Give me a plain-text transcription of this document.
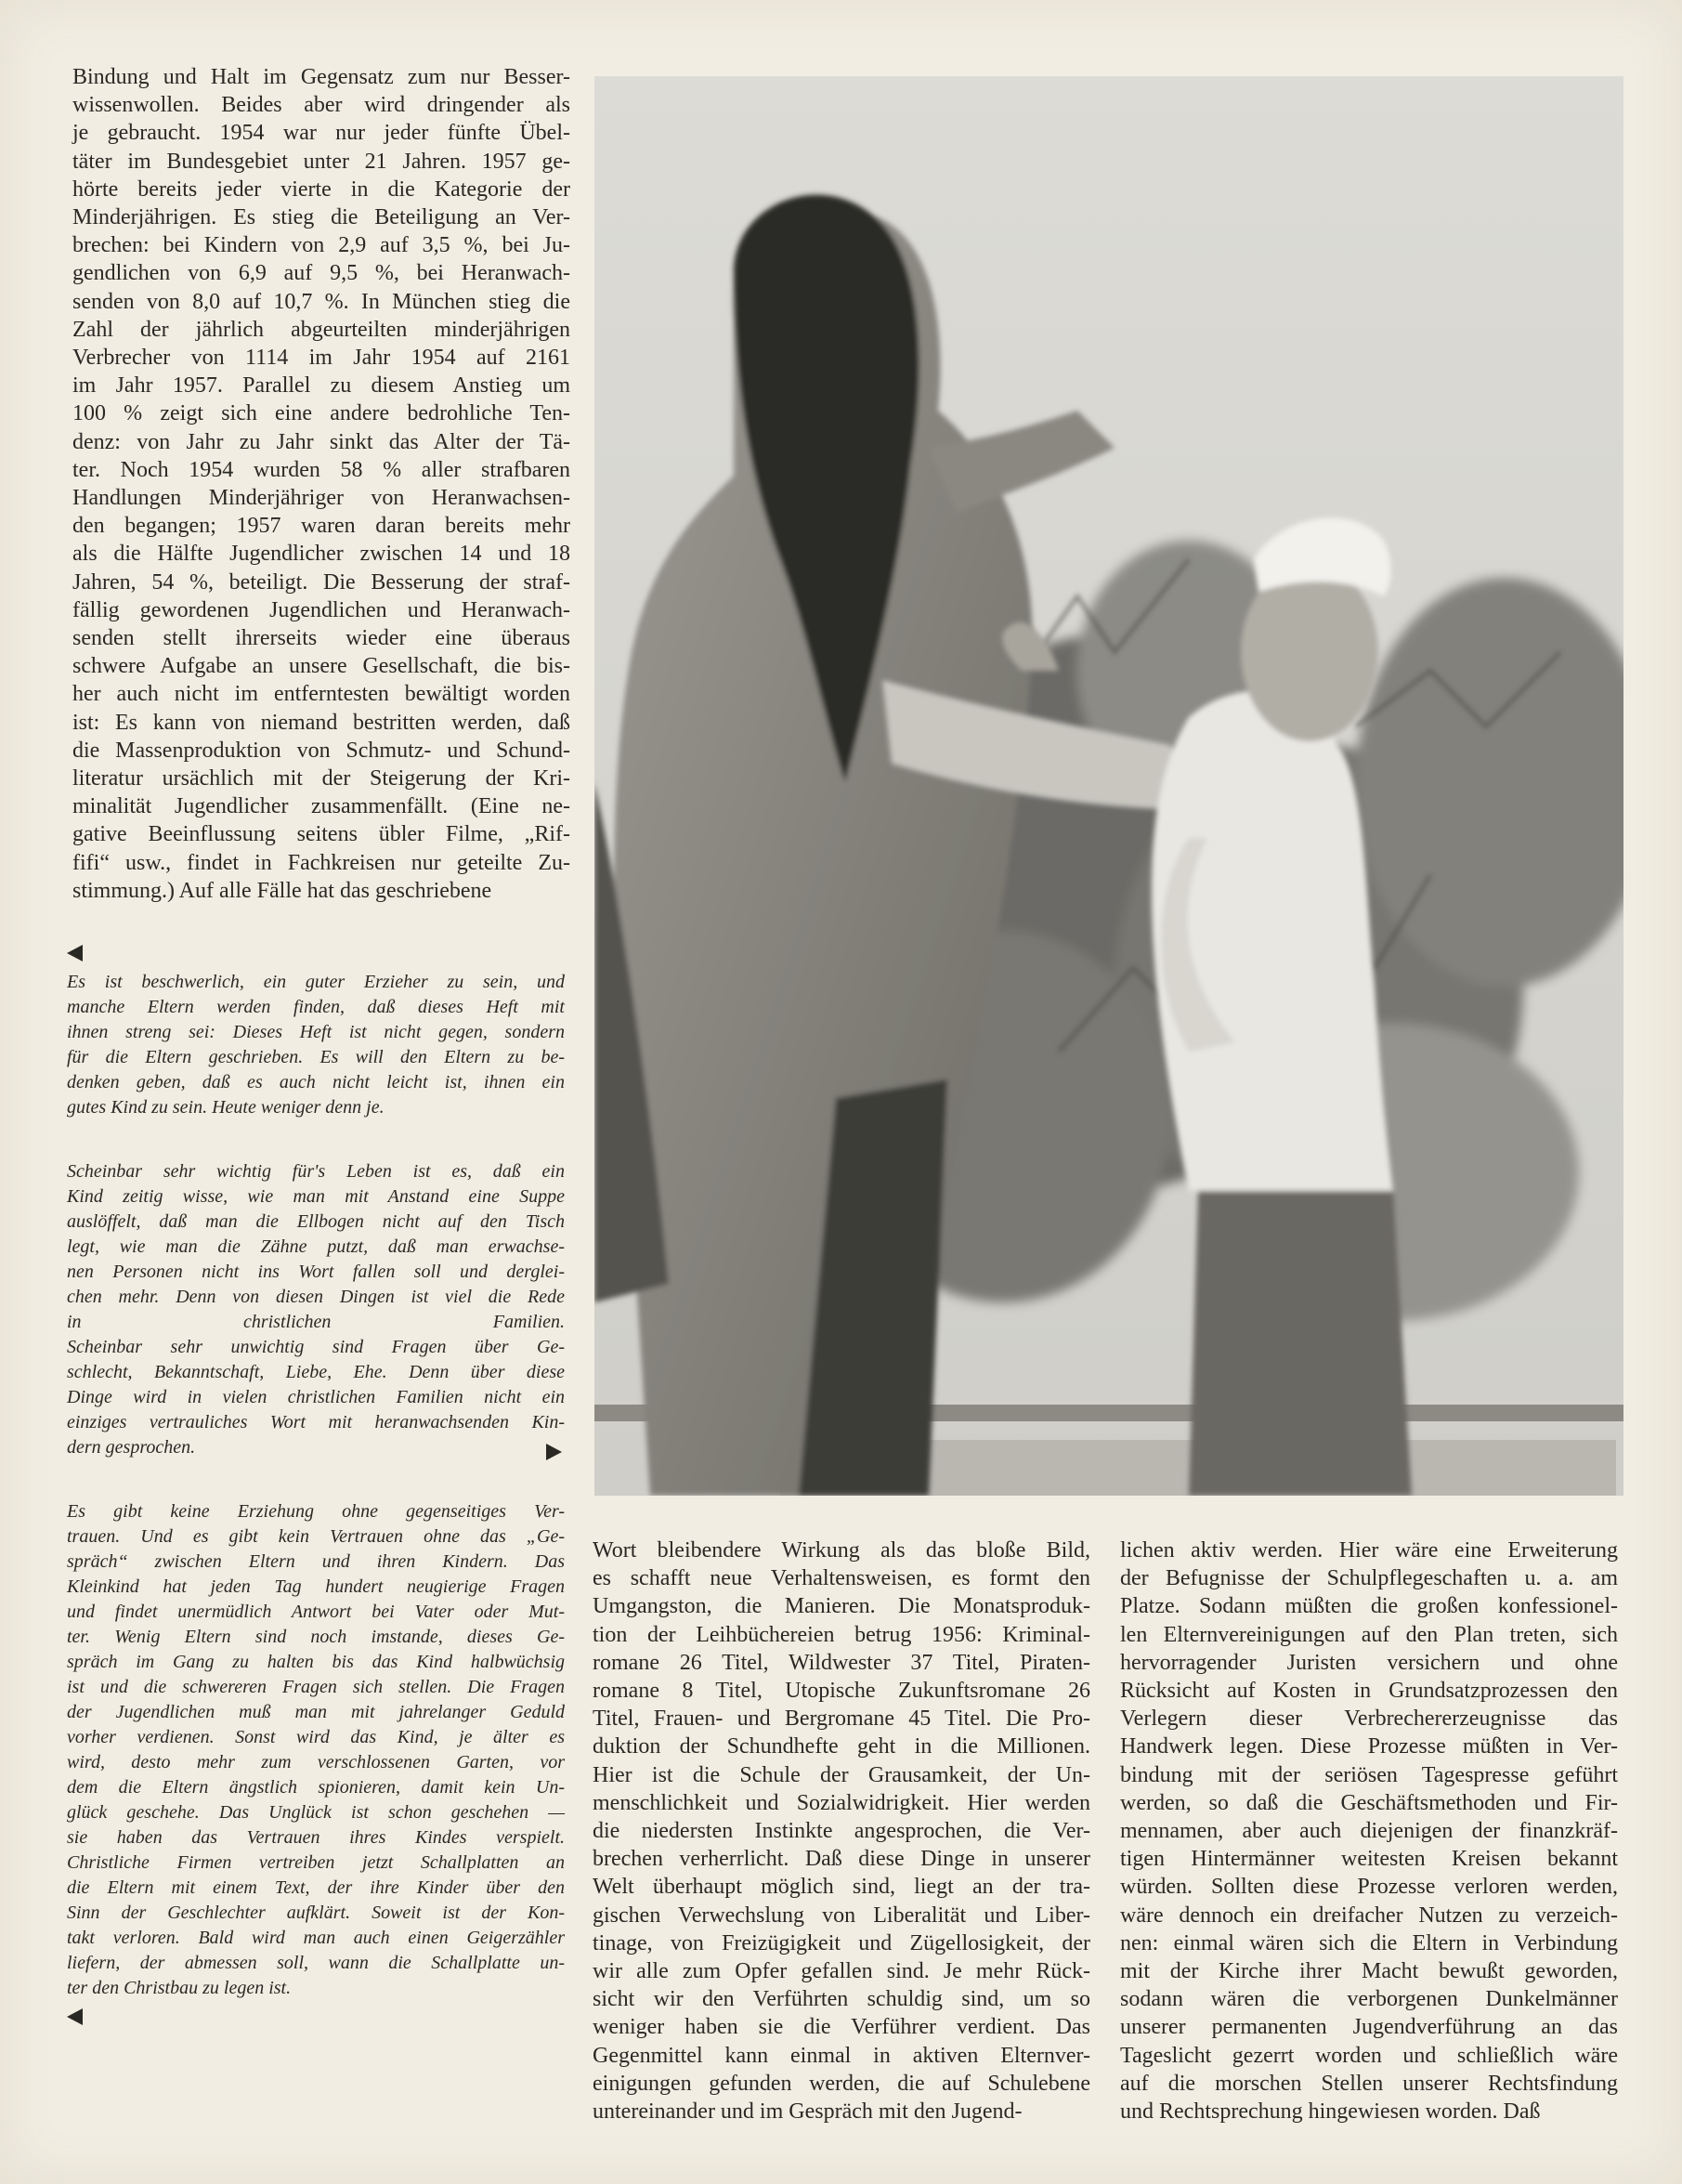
Bindung und Halt im Gegensatz zum nur Besser-
wissenwollen. Beides aber wird dringender als
je gebraucht. 1954 war nur jeder fünfte Übel-
täter im Bundesgebiet unter 21 Jahren. 1957 ge-
hörte bereits jeder vierte in die Kategorie der
Minderjährigen. Es stieg die Beteiligung an Ver-
brechen: bei Kindern von 2,9 auf 3,5 %, bei Ju-
gendlichen von 6,9 auf 9,5 %, bei Heranwach-
senden von 8,0 auf 10,7 %. In München stieg die
Zahl der jährlich abgeurteilten minderjährigen
Verbrecher von 1114 im Jahr 1954 auf 2161
im Jahr 1957. Parallel zu diesem Anstieg um
100 % zeigt sich eine andere bedrohliche Ten-
denz: von Jahr zu Jahr sinkt das Alter der Tä-
ter. Noch 1954 wurden 58 % aller strafbaren
Handlungen Minderjähriger von Heranwachsen-
den begangen; 1957 waren daran bereits mehr
als die Hälfte Jugendlicher zwischen 14 und 18
Jahren, 54 %, beteiligt. Die Besserung der straf-
fällig gewordenen Jugendlichen und Heranwach-
senden stellt ihrerseits wieder eine überaus
schwere Aufgabe an unsere Gesellschaft, die bis-
her auch nicht im entferntesten bewältigt worden
ist: Es kann von niemand bestritten werden, daß
die Massenproduktion von Schmutz- und Schund-
literatur ursächlich mit der Steigerung der Kri-
minalität Jugendlicher zusammenfällt. (Eine ne-
gative Beeinflussung seitens übler Filme, „Rif-
fifi“ usw., findet in Fachkreisen nur geteilte Zu-
stimmung.) Auf alle Fälle hat das geschriebene
Es ist beschwerlich, ein guter Erzieher zu sein, und
manche Eltern werden finden, daß dieses Heft mit
ihnen streng sei: Dieses Heft ist nicht gegen, sondern
für die Eltern geschrieben. Es will den Eltern zu be-
denken geben, daß es auch nicht leicht ist, ihnen ein
gutes Kind zu sein. Heute weniger denn je.
Scheinbar sehr wichtig für's Leben ist es, daß ein
Kind zeitig wisse, wie man mit Anstand eine Suppe
auslöffelt, daß man die Ellbogen nicht auf den Tisch
legt, wie man die Zähne putzt, daß man erwachse-
nen Personen nicht ins Wort fallen soll und derglei-
chen mehr. Denn von diesen Dingen ist viel die Rede
in christlichen Familien.
Scheinbar sehr unwichtig sind Fragen über Ge-
schlecht, Bekanntschaft, Liebe, Ehe. Denn über diese
Dinge wird in vielen christlichen Familien nicht ein
einziges vertrauliches Wort mit heranwachsenden Kin-
dern gesprochen.
Es gibt keine Erziehung ohne gegenseitiges Ver-
trauen. Und es gibt kein Vertrauen ohne das „Ge-
spräch“ zwischen Eltern und ihren Kindern. Das
Kleinkind hat jeden Tag hundert neugierige Fragen
und findet unermüdlich Antwort bei Vater oder Mut-
ter. Wenig Eltern sind noch imstande, dieses Ge-
spräch im Gang zu halten bis das Kind halbwüchsig
ist und die schwereren Fragen sich stellen. Die Fragen
der Jugendlichen muß man mit jahrelanger Geduld
vorher verdienen. Sonst wird das Kind, je älter es
wird, desto mehr zum verschlossenen Garten, vor
dem die Eltern ängstlich spionieren, damit kein Un-
glück geschehe. Das Unglück ist schon geschehen —
sie haben das Vertrauen ihres Kindes verspielt.
Christliche Firmen vertreiben jetzt Schallplatten an
die Eltern mit einem Text, der ihre Kinder über den
Sinn der Geschlechter aufklärt. Soweit ist der Kon-
takt verloren. Bald wird man auch einen Geigerzähler
liefern, der abmessen soll, wann die Schallplatte un-
ter den Christbau zu legen ist.
Wort bleibendere Wirkung als das bloße Bild,
es schafft neue Verhaltensweisen, es formt den
Umgangston, die Manieren. Die Monatsproduk-
tion der Leihbüchereien betrug 1956: Kriminal-
romane 26 Titel, Wildwester 37 Titel, Piraten-
romane 8 Titel, Utopische Zukunftsromane 26
Titel, Frauen- und Bergromane 45 Titel. Die Pro-
duktion der Schundhefte geht in die Millionen.
Hier ist die Schule der Grausamkeit, der Un-
menschlichkeit und Sozialwidrigkeit. Hier werden
die niedersten Instinkte angesprochen, die Ver-
brechen verherrlicht. Daß diese Dinge in unserer
Welt überhaupt möglich sind, liegt an der tra-
gischen Verwechslung von Liberalität und Liber-
tinage, von Freizügigkeit und Zügellosigkeit, der
wir alle zum Opfer gefallen sind. Je mehr Rück-
sicht wir den Verführten schuldig sind, um so
weniger haben sie die Verführer verdient. Das
Gegenmittel kann einmal in aktiven Elternver-
einigungen gefunden werden, die auf Schulebene
untereinander und im Gespräch mit den Jugend-
lichen aktiv werden. Hier wäre eine Erweiterung
der Befugnisse der Schulpflegeschaften u. a. am
Platze. Sodann müßten die großen konfessionel-
len Elternvereinigungen auf den Plan treten, sich
hervorragender Juristen versichern und ohne
Rücksicht auf Kosten in Grundsatzprozessen den
Verlegern dieser Verbrechererzeugnisse das
Handwerk legen. Diese Prozesse müßten in Ver-
bindung mit der seriösen Tagespresse geführt
werden, so daß die Geschäftsmethoden und Fir-
mennamen, aber auch diejenigen der finanzkräf-
tigen Hintermänner weitesten Kreisen bekannt
würden. Sollten diese Prozesse verloren werden,
wäre dennoch ein dreifacher Nutzen zu verzeich-
nen: einmal wären sich die Eltern in Verbindung
mit der Kirche ihrer Macht bewußt geworden,
sodann wären die verborgenen Dunkelmänner
unserer permanenten Jugendverführung an das
Tageslicht gezerrt worden und schließlich wäre
auf die morschen Stellen unserer Rechtsfindung
und Rechtsprechung hingewiesen worden. Daß
